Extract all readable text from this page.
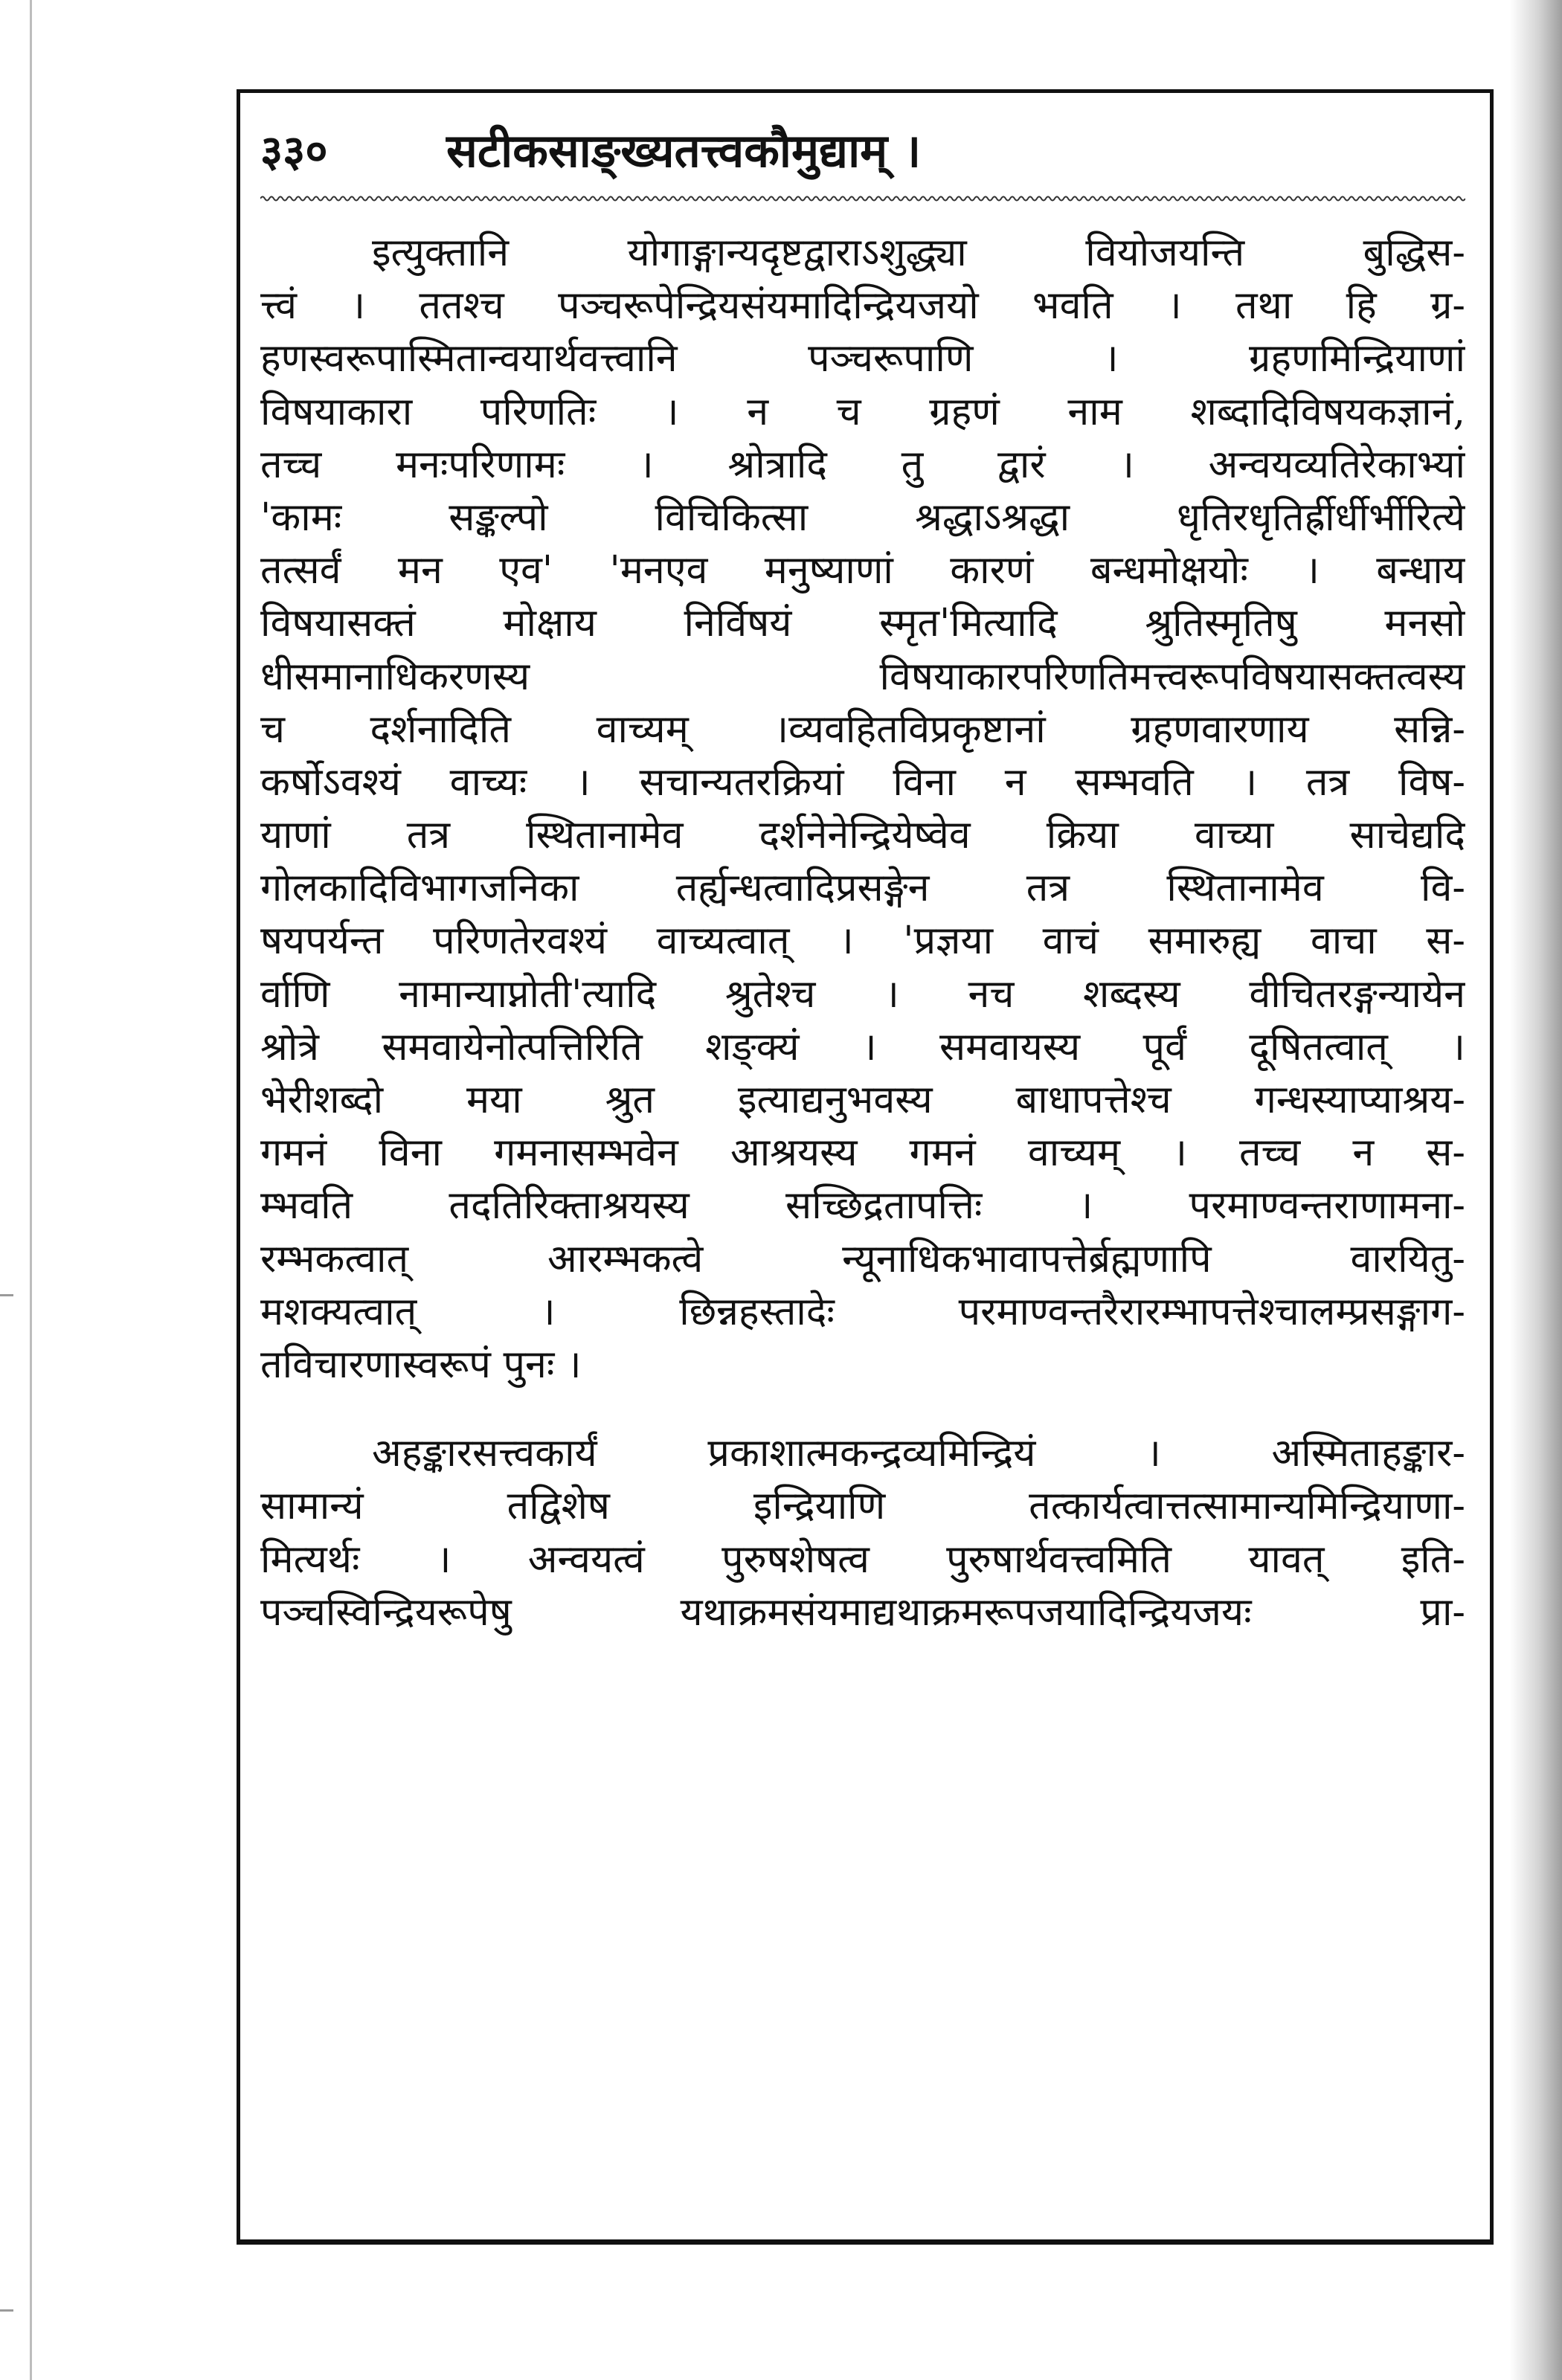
३३०	सटीकसाङ्ख्यतत्त्वकौमुद्याम् ।
इत्युक्तानि योगाङ्गान्यदृष्टद्वाराऽशुद्ध्या वियोजयन्ति बुद्धिस-
त्त्वं । ततश्च पञ्चरूपेन्द्रियसंयमादिन्द्रियजयो भवति । तथा हि ग्र-
हणस्वरूपास्मितान्वयार्थवत्त्वानि पञ्चरूपाणि । ग्रहणमिन्द्रियाणां
विषयाकारा परिणतिः । न च ग्रहणं नाम शब्दादिविषयकज्ञानं,
तच्च मनःपरिणामः । श्रोत्रादि तु द्वारं । अन्वयव्यतिरेकाभ्यां
'कामः सङ्कल्पो विचिकित्सा श्रद्धाऽश्रद्धा धृतिरधृतिर्ह्रीर्धीर्भीरित्ये
तत्सर्वं मन एव' 'मनएव मनुष्याणां कारणं बन्धमोक्षयोः । बन्धाय
विषयासक्तं मोक्षाय निर्विषयं स्मृत'मित्यादि श्रुतिस्मृतिषु मनसो
धीसमानाधिकरणस्य विषयाकारपरिणतिमत्त्वरूपविषयासक्तत्वस्य
च दर्शनादिति वाच्यम् ।व्यवहितविप्रकृष्टानां ग्रहणवारणाय सन्नि-
कर्षोऽवश्यं वाच्यः । सचान्यतरक्रियां विना न सम्भवति । तत्र विष-
याणां तत्र स्थितानामेव दर्शनेनेन्द्रियेष्वेव क्रिया वाच्या साचेद्यदि
गोलकादिविभागजनिका तर्ह्यन्धत्वादिप्रसङ्गेन तत्र स्थितानामेव वि-
षयपर्यन्त परिणतेरवश्यं वाच्यत्वात् । 'प्रज्ञया वाचं समारुह्य वाचा स-
र्वाणि नामान्याप्नोती'त्यादि श्रुतेश्च । नच शब्दस्य वीचितरङ्गन्यायेन
श्रोत्रे समवायेनोत्पत्तिरिति शङ्क्यं । समवायस्य पूर्वं दूषितत्वात् ।
भेरीशब्दो मया श्रुत इत्याद्यनुभवस्य बाधापत्तेश्च गन्धस्याप्याश्रय-
गमनं विना गमनासम्भवेन आश्रयस्य गमनं वाच्यम् । तच्च न स-
म्भवति तदतिरिक्ताश्रयस्य सच्छिद्रतापत्तिः । परमाण्वन्तराणामना-
रम्भकत्वात् आरम्भकत्वे न्यूनाधिकभावापत्तेर्ब्रह्मणापि वारयितु-
मशक्यत्वात् । छिन्नहस्तादेः परमाण्वन्तरैरारम्भापत्तेश्चालम्प्रसङ्गाग-
तविचारणास्वरूपं पुनः ।
अहङ्कारसत्त्वकार्यं प्रकाशात्मकन्द्रव्यमिन्द्रियं । अस्मिताहङ्कार-
सामान्यं तद्विशेष इन्द्रियाणि तत्कार्यत्वात्तत्सामान्यमिन्द्रियाणा-
मित्यर्थः । अन्वयत्वं पुरुषशेषत्व पुरुषार्थवत्त्वमिति यावत् इति-
पञ्चस्विन्द्रियरूपेषु यथाक्रमसंयमाद्यथाक्रमरूपजयादिन्द्रियजयः प्रा-
